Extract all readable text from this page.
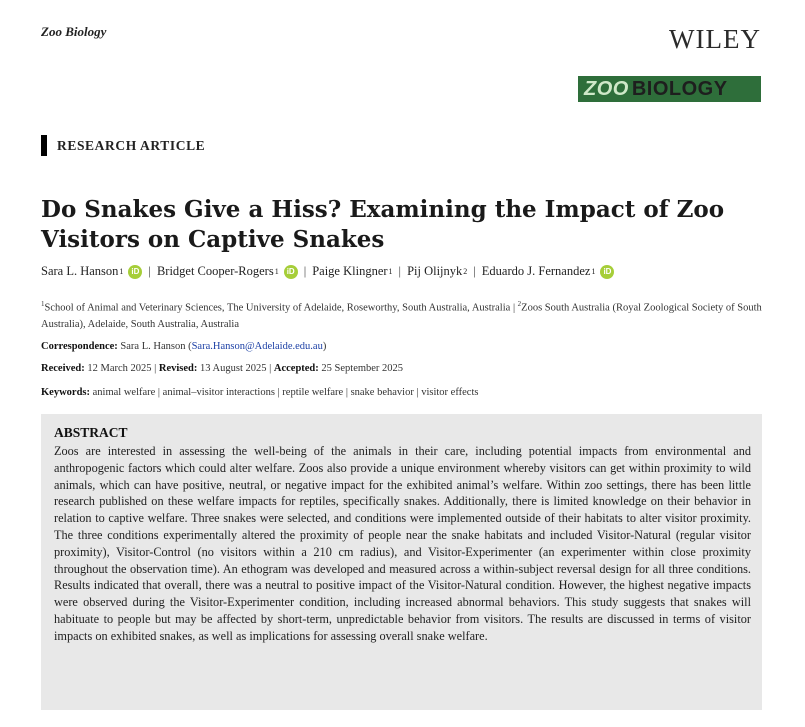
Zoo Biology	WILEY
ZOO BIOLOGY
RESEARCH ARTICLE
Do Snakes Give a Hiss? Examining the Impact of Zoo Visitors on Captive Snakes
Sara L. Hanson 1	iD | Bridget Cooper-Rogers 1	iD | Paige Klingner 1 | Pij Olijnyk 2 | Eduardo J. Fernandez 1	iD
$^1$School of Animal and Veterinary Sciences, The University of Adelaide, Roseworthy, South Australia, Australia | $^2$Zoos South Australia (Royal Zoological Society of South Australia), Adelaide, South Australia, Australia
Correspondence: Sara L. Hanson (Sara.Hanson@Adelaide.edu.au)
Received: 12 March 2025 | Revised: 13 August 2025 | Accepted: 25 September 2025
Keywords: animal welfare | animal–visitor interactions | reptile welfare | snake behavior | visitor effects
ABSTRACT

Zoos are interested in assessing the well-being of the animals in their care, including potential impacts from environmental and anthropogenic factors which could alter welfare. Zoos also provide a unique environment whereby visitors can get within proximity to wild animals, which can have positive, neutral, or negative impact for the exhibited animal’s welfare. Within zoo settings, there has been little research published on these welfare impacts for reptiles, specifically snakes. Additionally, there is limited knowledge on their behavior in relation to captive welfare. Three snakes were selected, and conditions were implemented outside of their habitats to alter visitor proximity. The three conditions experimentally altered the proximity of people near the snake habitats and included Visitor-Natural (regular visitor proximity), Visitor-Control (no visitors within a 210 cm radius), and Visitor-Experimenter (an experimenter within close proximity throughout the observation time). An ethogram was developed and measured across a within-subject reversal design for all three conditions. Results indicated that overall, there was a neutral to positive impact of the Visitor-Natural condition. However, the highest negative impacts were observed during the Visitor-Experimenter condition, including increased abnormal behaviors. This study suggests that snakes will habituate to people but may be affected by short-term, unpredictable behavior from visitors. The results are discussed in terms of visitor impacts on exhibited snakes, as well as implications for assessing overall snake welfare.
